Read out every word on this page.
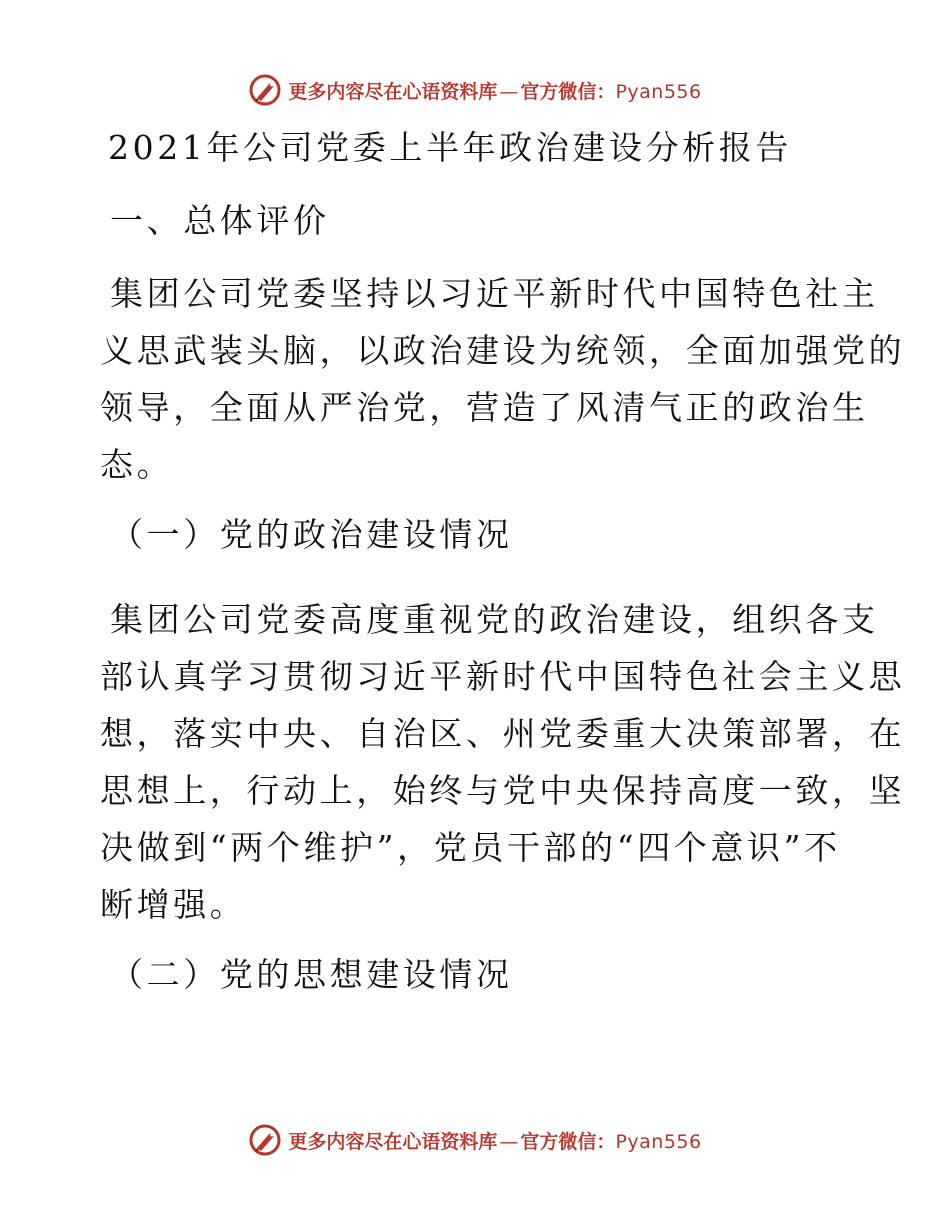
更多内容尽在心语资料库 — 官方微信： Pyan556

2021年公司党委上半年政治建设分析报告

一、总体评价

集团公司党委坚持以习近平新时代中国特色社主

义思武装头脑，以政治建设为统领，全面加强党的

领导，全面从严治党，营造了风清气正的政治生

态。

（一）党的政治建设情况

集团公司党委高度重视党的政治建设，组织各支

部认真学习贯彻习近平新时代中国特色社会主义思

想，落实中央、自治区、州党委重大决策部署，在

思想上，行动上，始终与党中央保持高度一致，坚

决做到“两个维护”，党员干部的“四个意识”不

断增强。

（二）党的思想建设情况

更多内容尽在心语资料库 — 官方微信： Pyan556
